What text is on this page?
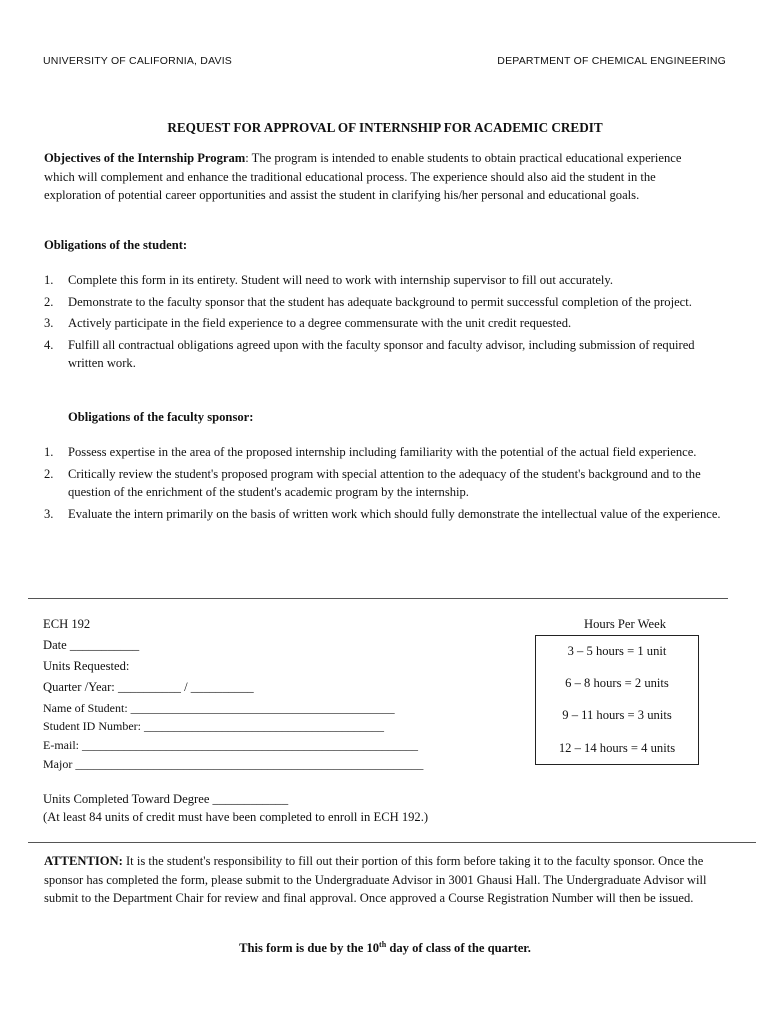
UNIVERSITY OF CALIFORNIA, DAVIS	DEPARTMENT OF CHEMICAL ENGINEERING
REQUEST FOR APPROVAL OF INTERNSHIP FOR ACADEMIC CREDIT
Objectives of the Internship Program: The program is intended to enable students to obtain practical educational experience which will complement and enhance the traditional educational process. The experience should also aid the student in the exploration of potential career opportunities and assist the student in clarifying his/her personal and educational goals.
Obligations of the student:
1. Complete this form in its entirety. Student will need to work with internship supervisor to fill out accurately.
2. Demonstrate to the faculty sponsor that the student has adequate background to permit successful completion of the project.
3. Actively participate in the field experience to a degree commensurate with the unit credit requested.
4. Fulfill all contractual obligations agreed upon with the faculty sponsor and faculty advisor, including submission of required written work.
Obligations of the faculty sponsor:
1. Possess expertise in the area of the proposed internship including familiarity with the potential of the actual field experience.
2. Critically review the student's proposed program with special attention to the adequacy of the student's background and to the question of the enrichment of the student's academic program by the internship.
3. Evaluate the intern primarily on the basis of written work which should fully demonstrate the intellectual value of the experience.
ECH 192
Date ___________
Units Requested:
Quarter /Year: __________ / __________
Name of Student: ____________________________________________
Student ID Number: ________________________________________
E-mail: ________________________________________________________
Major __________________________________________________________
Hours Per Week
3 – 5 hours = 1 unit
6 – 8 hours = 2 units
9 – 11 hours = 3 units
12 – 14 hours = 4 units
Units Completed Toward Degree ____________
(At least 84 units of credit must have been completed to enroll in ECH 192.)
ATTENTION: It is the student's responsibility to fill out their portion of this form before taking it to the faculty sponsor. Once the sponsor has completed the form, please submit to the Undergraduate Advisor in 3001 Ghausi Hall. The Undergraduate Advisor will submit to the Department Chair for review and final approval. Once approved a Course Registration Number will then be issued.
This form is due by the 10th day of class of the quarter.
